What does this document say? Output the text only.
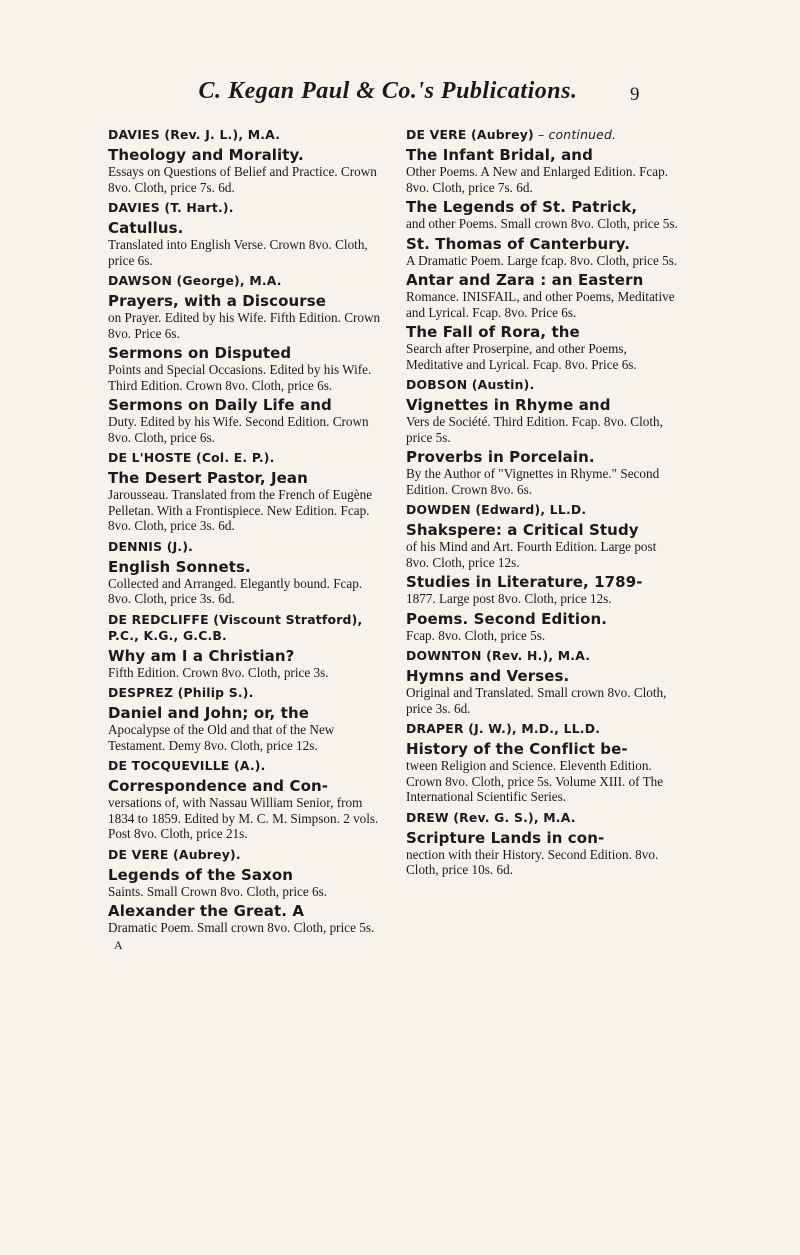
C. Kegan Paul & Co.'s Publications.	9
DAVIES (Rev. J. L.), M.A.
Theology and Morality.
Essays on Questions of Belief and Practice. Crown 8vo. Cloth, price 7s. 6d.
DAVIES (T. Hart.).
Catullus.
Translated into English Verse. Crown 8vo. Cloth, price 6s.
DAWSON (George), M.A.
Prayers, with a Discourse
on Prayer. Edited by his Wife. Fifth Edition. Crown 8vo. Price 6s.
Sermons on Disputed
Points and Special Occasions. Edited by his Wife. Third Edition. Crown 8vo. Cloth, price 6s.
Sermons on Daily Life and
Duty. Edited by his Wife. Second Edition. Crown 8vo. Cloth, price 6s.
DE L'HOSTE (Col. E. P.).
The Desert Pastor, Jean
Jarousseau. Translated from the French of Eugène Pelletan. With a Frontispiece. New Edition. Fcap. 8vo. Cloth, price 3s. 6d.
DENNIS (J.).
English Sonnets.
Collected and Arranged. Elegantly bound. Fcap. 8vo. Cloth, price 3s. 6d.
DE REDCLIFFE (Viscount Stratford), P.C., K.G., G.C.B.
Why am I a Christian?
Fifth Edition. Crown 8vo. Cloth, price 3s.
DESPREZ (Philip S.).
Daniel and John; or, the
Apocalypse of the Old and that of the New Testament. Demy 8vo. Cloth, price 12s.
DE TOCQUEVILLE (A.).
Correspondence and Con-
versations of, with Nassau William Senior, from 1834 to 1859. Edited by M. C. M. Simpson. 2 vols. Post 8vo. Cloth, price 21s.
DE VERE (Aubrey).
Legends of the Saxon
Saints. Small Crown 8vo. Cloth, price 6s.
Alexander the Great. A
Dramatic Poem. Small crown 8vo. Cloth, price 5s.
A
DE VERE (Aubrey) – continued.
The Infant Bridal, and
Other Poems. A New and Enlarged Edition. Fcap. 8vo. Cloth, price 7s. 6d.
The Legends of St. Patrick,
and other Poems. Small crown 8vo. Cloth, price 5s.
St. Thomas of Canterbury.
A Dramatic Poem. Large fcap. 8vo. Cloth, price 5s.
Antar and Zara : an Eastern
Romance. INISFAIL, and other Poems, Meditative and Lyrical. Fcap. 8vo. Price 6s.
The Fall of Rora, the
Search after Proserpine, and other Poems, Meditative and Lyrical. Fcap. 8vo. Price 6s.
DOBSON (Austin).
Vignettes in Rhyme and
Vers de Société. Third Edition. Fcap. 8vo. Cloth, price 5s.
Proverbs in Porcelain.
By the Author of "Vignettes in Rhyme." Second Edition. Crown 8vo. 6s.
DOWDEN (Edward), LL.D.
Shakspere: a Critical Study
of his Mind and Art. Fourth Edition. Large post 8vo. Cloth, price 12s.
Studies in Literature, 1789-
1877. Large post 8vo. Cloth, price 12s.
Poems. Second Edition.
Fcap. 8vo. Cloth, price 5s.
DOWNTON (Rev. H.), M.A.
Hymns and Verses.
Original and Translated. Small crown 8vo. Cloth, price 3s. 6d.
DRAPER (J. W.), M.D., LL.D.
History of the Conflict be-
tween Religion and Science. Eleventh Edition. Crown 8vo. Cloth, price 5s. Volume XIII. of The International Scientific Series.
DREW (Rev. G. S.), M.A.
Scripture Lands in con-
nection with their History. Second Edition. 8vo. Cloth, price 10s. 6d.
